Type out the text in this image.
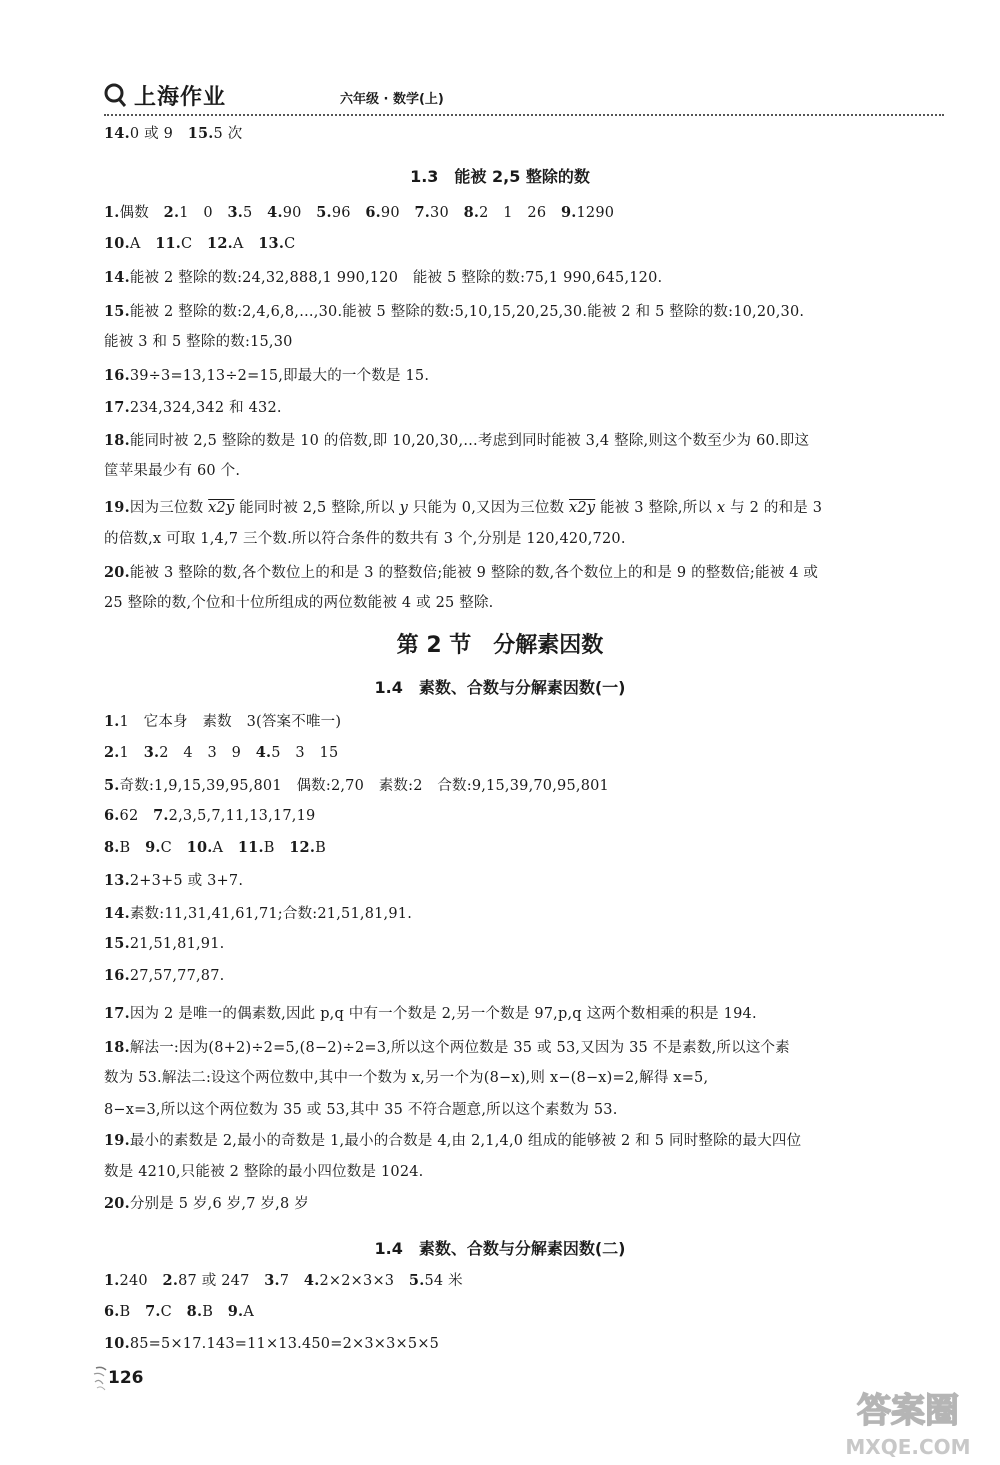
上海作业	六年级 · 数学(上)
14.0 或 9　 15.5 次
1.3　能被 2,5 整除的数
1.偶数　 2.1　0　 3.5　 4.90　 5.96　 6.90　 7.30　 8.2　1　26　 9.1290
10.A　 11.C　 12.A　 13.C
14.能被 2 整除的数:24,32,888,1 990,120　能被 5 整除的数:75,1 990,645,120.
15.能被 2 整除的数:2,4,6,8,…,30.能被 5 整除的数:5,10,15,20,25,30.能被 2 和 5 整除的数:10,20,30.
能被 3 和 5 整除的数:15,30
16.39÷3=13,13÷2=15,即最大的一个数是 15.
17.234,324,342 和 432.
18.能同时被 2,5 整除的数是 10 的倍数,即 10,20,30,…考虑到同时能被 3,4 整除,则这个数至少为 60.即这
筐苹果最少有 60 个.
19.因为三位数 x2y 能同时被 2,5 整除,所以 y 只能为 0,又因为三位数 x2y 能被 3 整除,所以 x 与 2 的和是 3
的倍数,x 可取 1,4,7 三个数.所以符合条件的数共有 3 个,分别是 120,420,720.
20.能被 3 整除的数,各个数位上的和是 3 的整数倍;能被 9 整除的数,各个数位上的和是 9 的整数倍;能被 4 或
25 整除的数,个位和十位所组成的两位数能被 4 或 25 整除.
第 2 节　分解素因数
1.4　素数、合数与分解素因数(一)
1.1　它本身　素数　3(答案不唯一)
2.1　 3.2　4　3　9　 4.5　3　15
5.奇数:1,9,15,39,95,801　偶数:2,70　素数:2　合数:9,15,39,70,95,801
6.62　 7.2,3,5,7,11,13,17,19
8.B　 9.C　 10.A　 11.B　 12.B
13.2+3+5 或 3+7.
14.素数:11,31,41,61,71;合数:21,51,81,91.
15.21,51,81,91.
16.27,57,77,87.
17.因为 2 是唯一的偶素数,因此 p,q 中有一个数是 2,另一个数是 97,p,q 这两个数相乘的积是 194.
18.解法一:因为(8+2)÷2=5,(8−2)÷2=3,所以这个两位数是 35 或 53,又因为 35 不是素数,所以这个素
数为 53.解法二:设这个两位数中,其中一个数为 x,另一个为(8−x),则 x−(8−x)=2,解得 x=5,
8−x=3,所以这个两位数为 35 或 53,其中 35 不符合题意,所以这个素数为 53.
19.最小的素数是 2,最小的奇数是 1,最小的合数是 4,由 2,1,4,0 组成的能够被 2 和 5 同时整除的最大四位
数是 4210,只能被 2 整除的最小四位数是 1024.
20.分别是 5 岁,6 岁,7 岁,8 岁
1.4　素数、合数与分解素因数(二)
1.240　 2.87 或 247　 3.7　 4.2×2×3×3　 5.54 米
6.B　 7.C　 8.B　 9.A
10.85=5×17.143=11×13.450=2×3×3×5×5
126
答案圈
MXQE.COM
